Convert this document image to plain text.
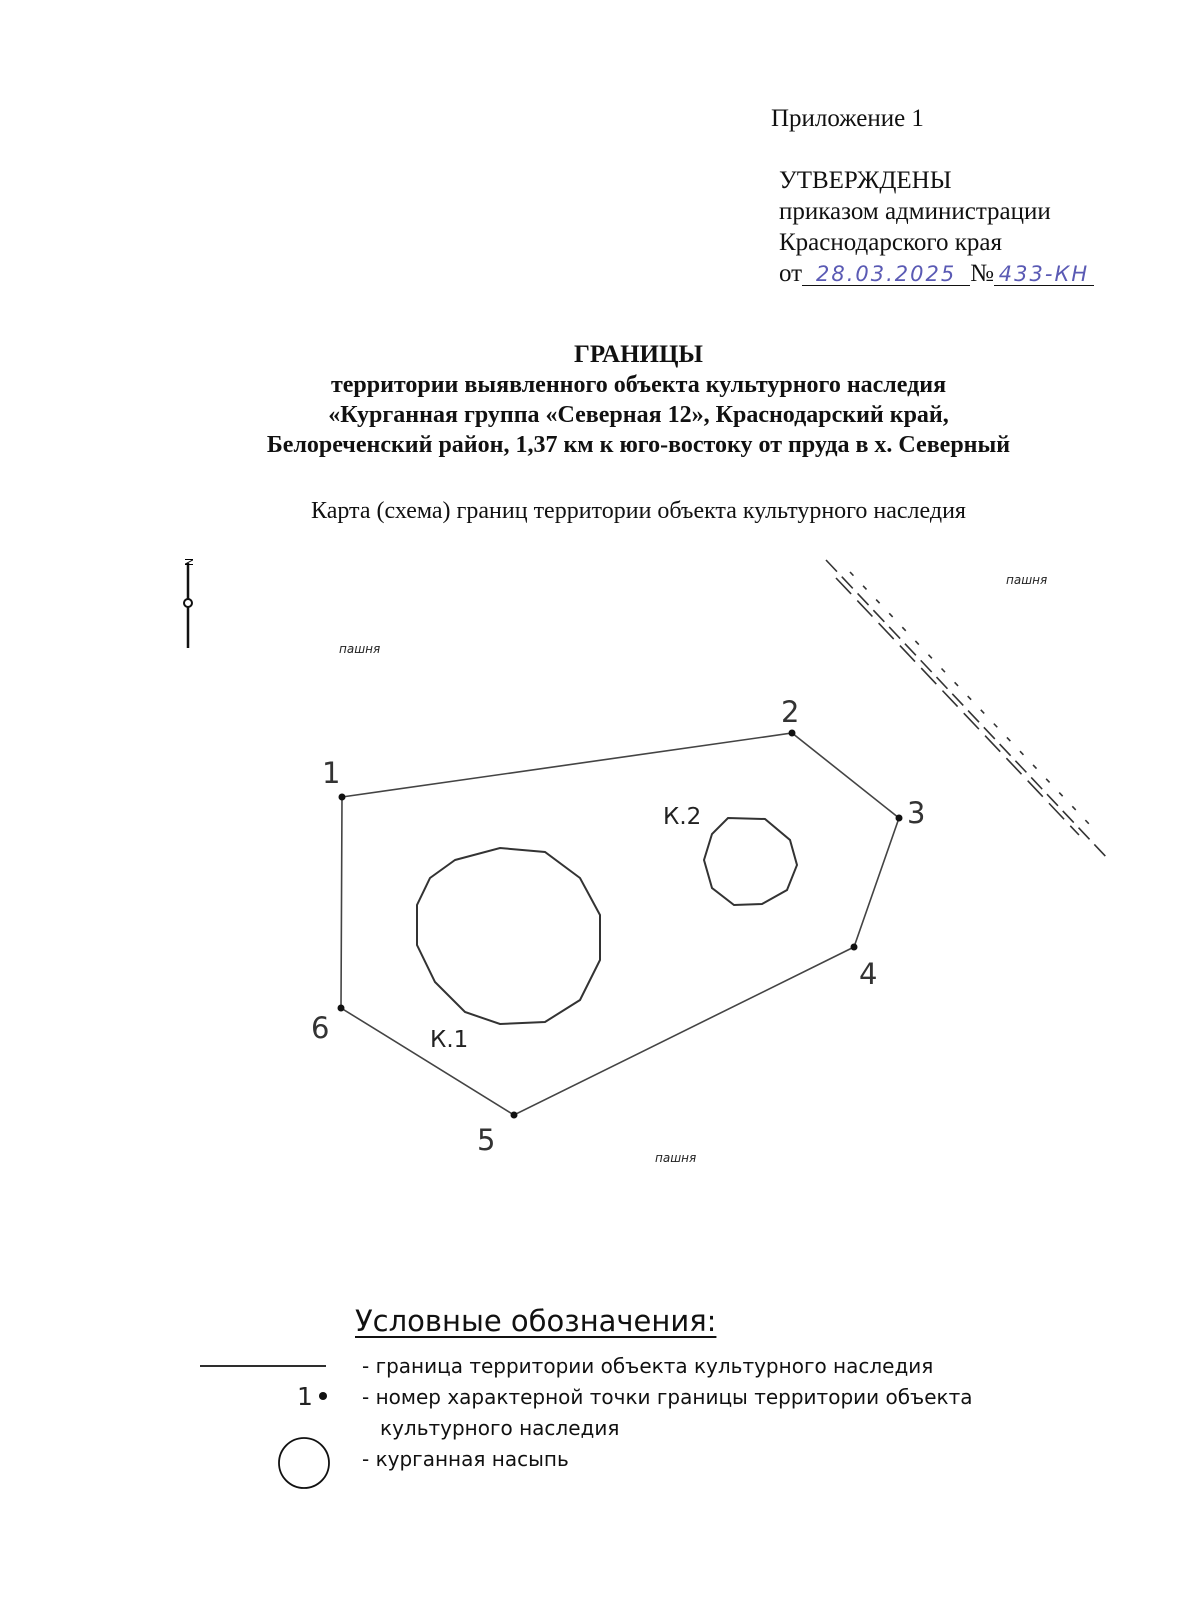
Приложение 1
УТВЕРЖДЕНЫ
приказом администрации
Краснодарского края
от 28.03.2025 № 433-КН
ГРАНИЦЫ
территории выявленного объекта культурного наследия
«Курганная группа «Северная 12», Краснодарский край,
Белореченский район, 1,37 км к юго-востоку от пруда в х. Северный
Карта (схема) границ территории объекта культурного наследия
N
пашня
пашня
пашня
1
2
3
4
5
6	К.1
К.2
1
Условные обозначения:
- граница территории объекта культурного наследия
- номер характерной точки границы территории объекта
культурного наследия
- курганная насыпь
